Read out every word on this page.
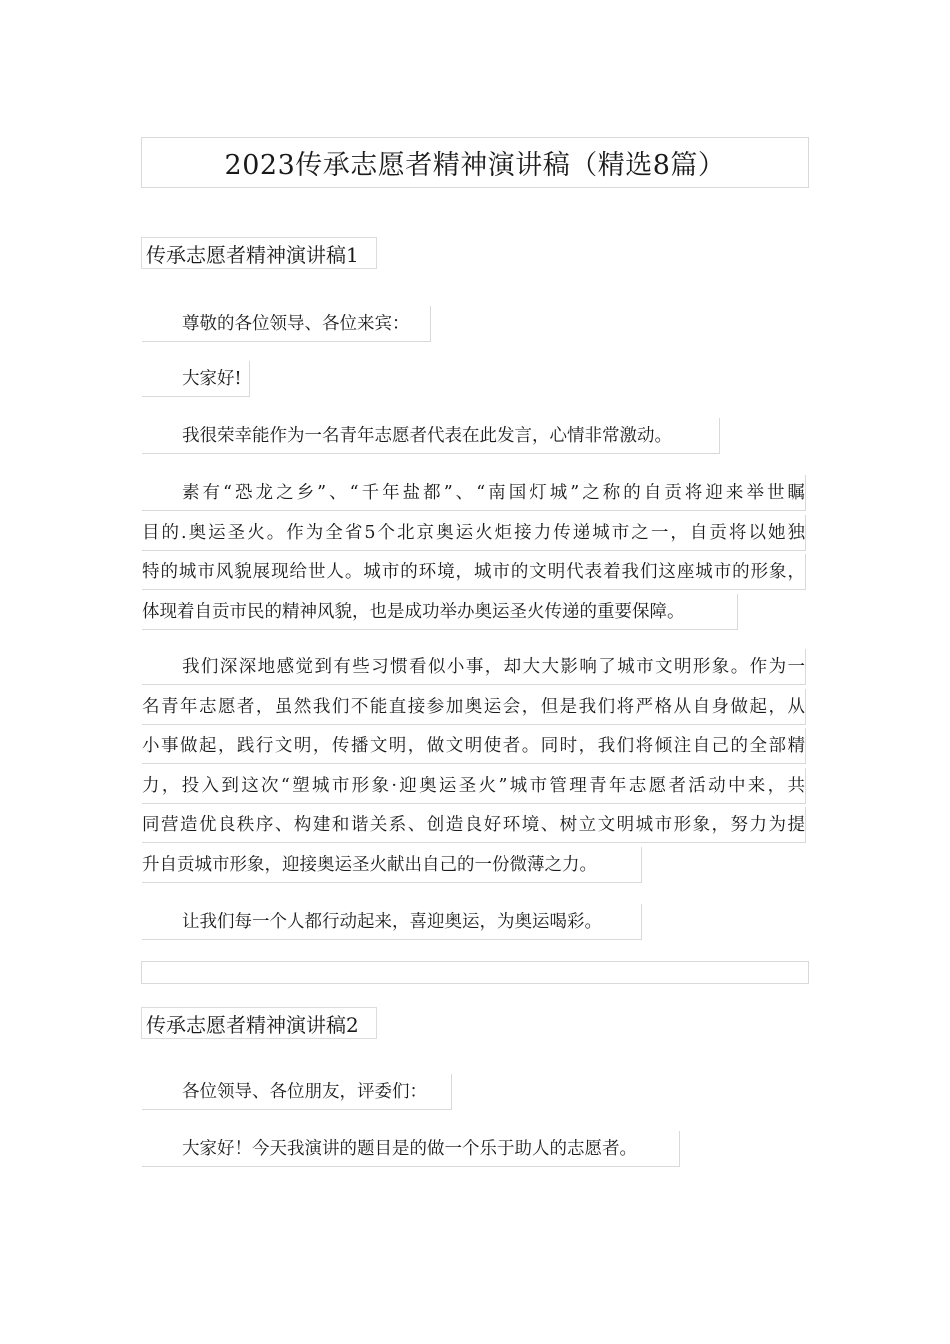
2023传承志愿者精神演讲稿（精选8篇）
传承志愿者精神演讲稿1
尊敬的各位领导、各位来宾：
大家好!
我很荣幸能作为一名青年志愿者代表在此发言，心情非常激动。
素有“恐龙之乡”、“千年盐都”、“南国灯城”之称的自贡将迎来举世瞩
目的.奥运圣火。作为全省5个北京奥运火炬接力传递城市之一，自贡将以她独
特的城市风貌展现给世人。城市的环境，城市的文明代表着我们这座城市的形象，
体现着自贡市民的精神风貌，也是成功举办奥运圣火传递的重要保障。
我们深深地感觉到有些习惯看似小事，却大大影响了城市文明形象。作为一
名青年志愿者，虽然我们不能直接参加奥运会，但是我们将严格从自身做起，从
小事做起，践行文明，传播文明，做文明使者。同时，我们将倾注自己的全部精
力，投入到这次“塑城市形象·迎奥运圣火”城市管理青年志愿者活动中来，共
同营造优良秩序、构建和谐关系、创造良好环境、树立文明城市形象，努力为提
升自贡城市形象，迎接奥运圣火献出自己的一份微薄之力。
让我们每一个人都行动起来，喜迎奥运，为奥运喝彩。
传承志愿者精神演讲稿2
各位领导、各位朋友，评委们：
大家好！今天我演讲的题目是的做一个乐于助人的志愿者。
